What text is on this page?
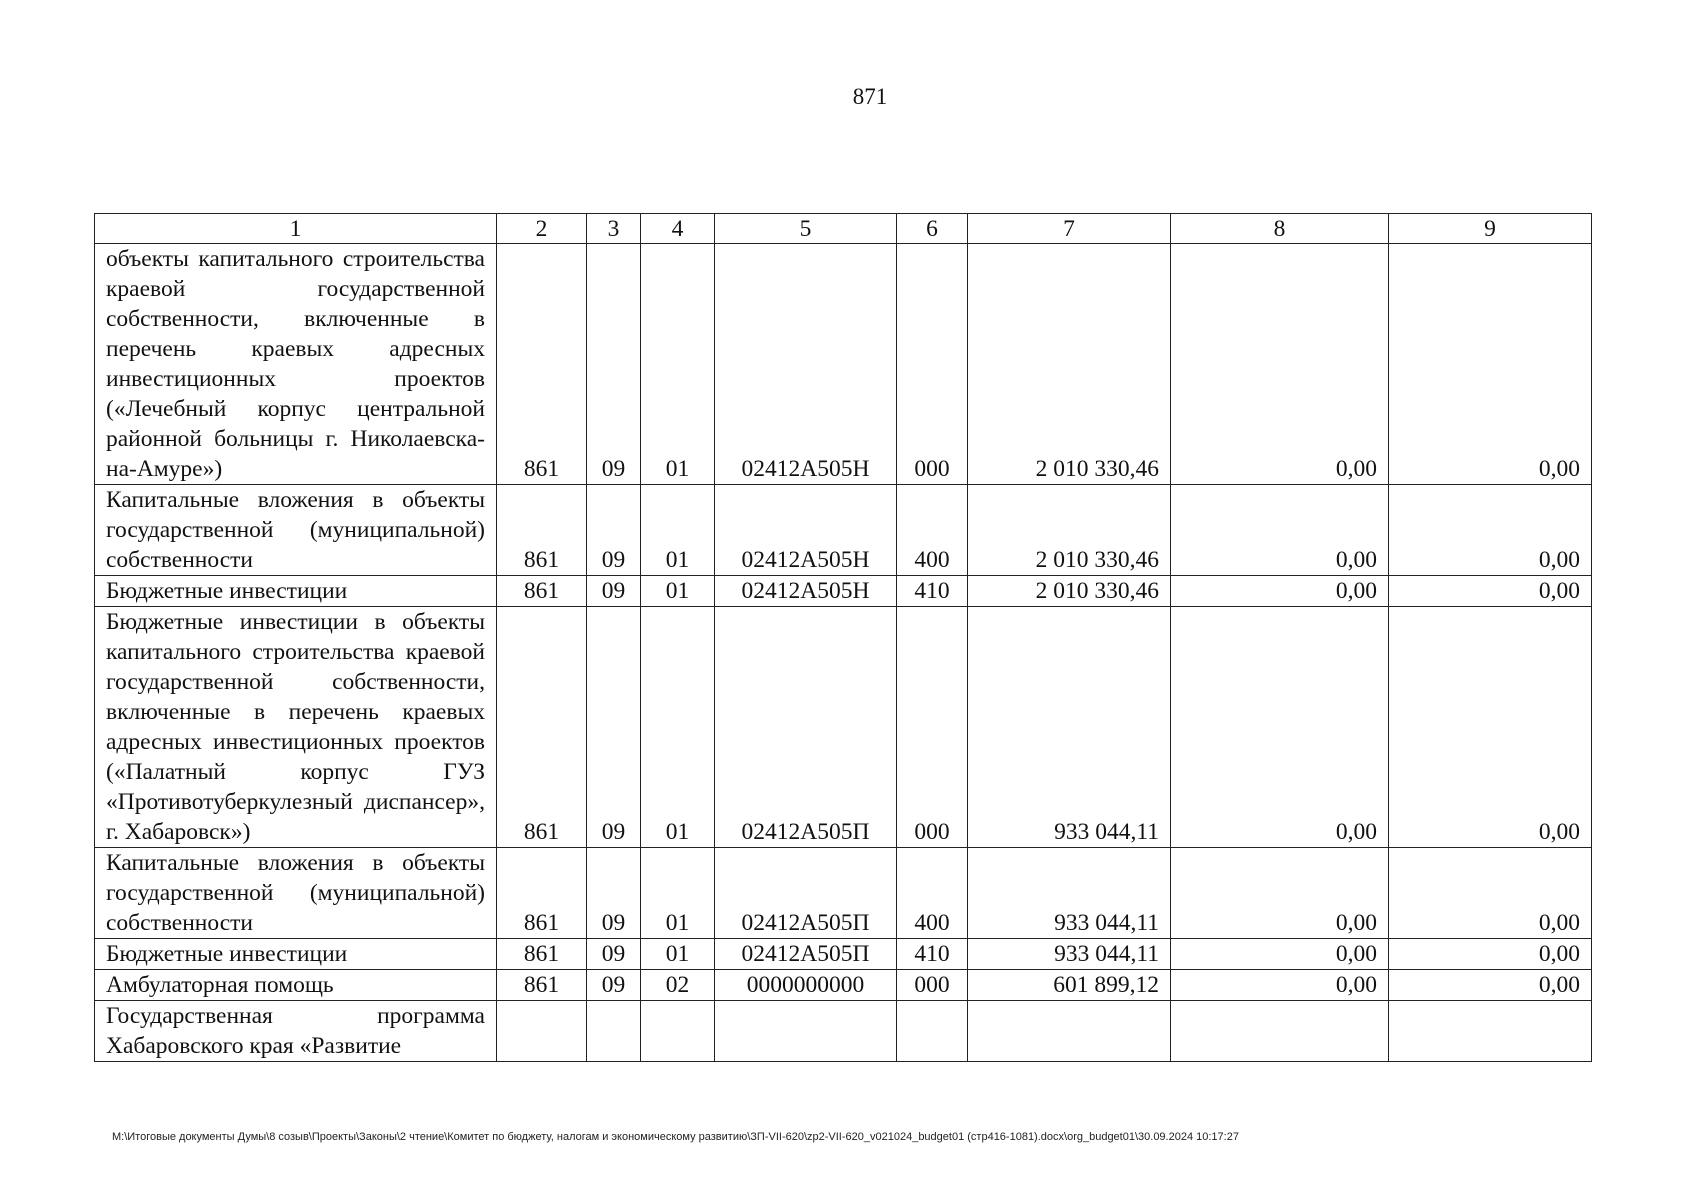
871
1	2	3	4	5	6	7	8	9
объекты капитального строительства краевой государственной собственности, включенные в перечень краевых адресных инвестиционных проектов («Лечебный корпус центральной районной больницы г. Николаевска-на-Амуре»)	861	09	01	02412А505Н	000	2 010 330,46	0,00	0,00
Капитальные вложения в объекты государственной (муниципальной) собственности	861	09	01	02412А505Н	400	2 010 330,46	0,00	0,00
Бюджетные инвестиции	861	09	01	02412А505Н	410	2 010 330,46	0,00	0,00
Бюджетные инвестиции в объекты капитального строительства краевой государственной собственности, включенные в перечень краевых адресных инвестиционных проектов («Палатный корпус ГУЗ «Противотуберкулезный диспансер», г. Хабаровск»)	861	09	01	02412А505П	000	933 044,11	0,00	0,00
Капитальные вложения в объекты государственной (муниципальной) собственности	861	09	01	02412А505П	400	933 044,11	0,00	0,00
Бюджетные инвестиции	861	09	01	02412А505П	410	933 044,11	0,00	0,00
Амбулаторная помощь	861	09	02	0000000000	000	601 899,12	0,00	0,00
Государственная программа Хабаровского края «Развитие								
M:\Итоговые документы Думы\8 созыв\Проекты\Законы\2 чтение\Комитет по бюджету, налогам и экономическому развитию\ЗП-VII-620\zp2-VII-620_v021024_budget01 (стр416-1081).docx\org_budget01\30.09.2024 10:17:27
